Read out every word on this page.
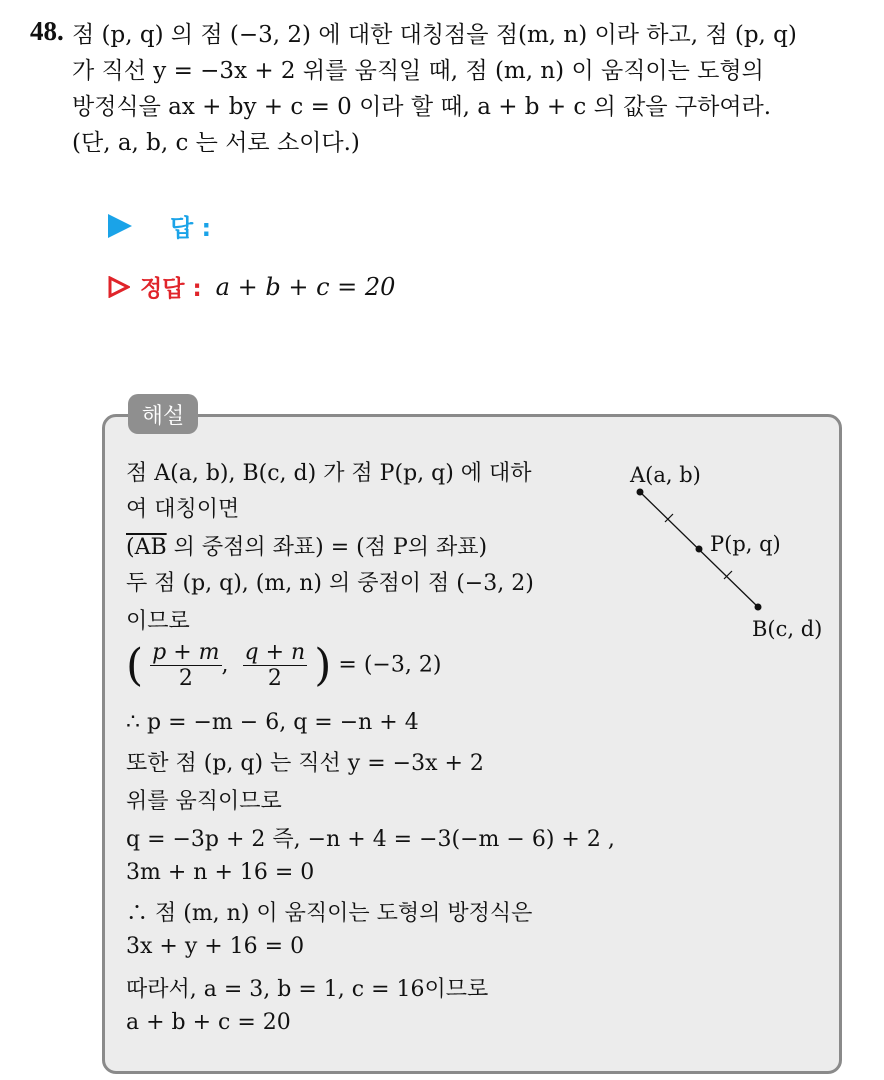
48. 점 (p, q) 의 점 (−3, 2) 에 대한 대칭점을 점(m, n) 이라 하고, 점 (p, q)
가 직선 y = −3x + 2 위를 움직일 때, 점 (m, n) 이 움직이는 도형의
방정식을 ax + by + c = 0 이라 할 때, a + b + c 의 값을 구하여라.
(단, a, b, c 는 서로 소이다.)
답 :
정답 : a + b + c = 20
해설
점 A(a, b), B(c, d) 가 점 P(p, q) 에 대하
여 대칭이면
(AB 의 중점의 좌표) = (점 P의 좌표)
두 점 (p, q), (m, n) 의 중점이 점 (−3, 2)
이므로
( $\frac{p + m}{2}$ , $\frac{q + n}{2}$ ) = (−3, 2)
∴ p = −m − 6, q = −n + 4
또한 점 (p, q) 는 직선 y = −3x + 2
위를 움직이므로
q = −3p + 2 즉, −n + 4 = −3(−m − 6) + 2 ,
3m + n + 16 = 0
∴ 점 (m, n) 이 움직이는 도형의 방정식은
3x + y + 16 = 0
따라서, a = 3, b = 1, c = 16이므로
a + b + c = 20
A(a, b)
P(p, q)
B(c, d)
